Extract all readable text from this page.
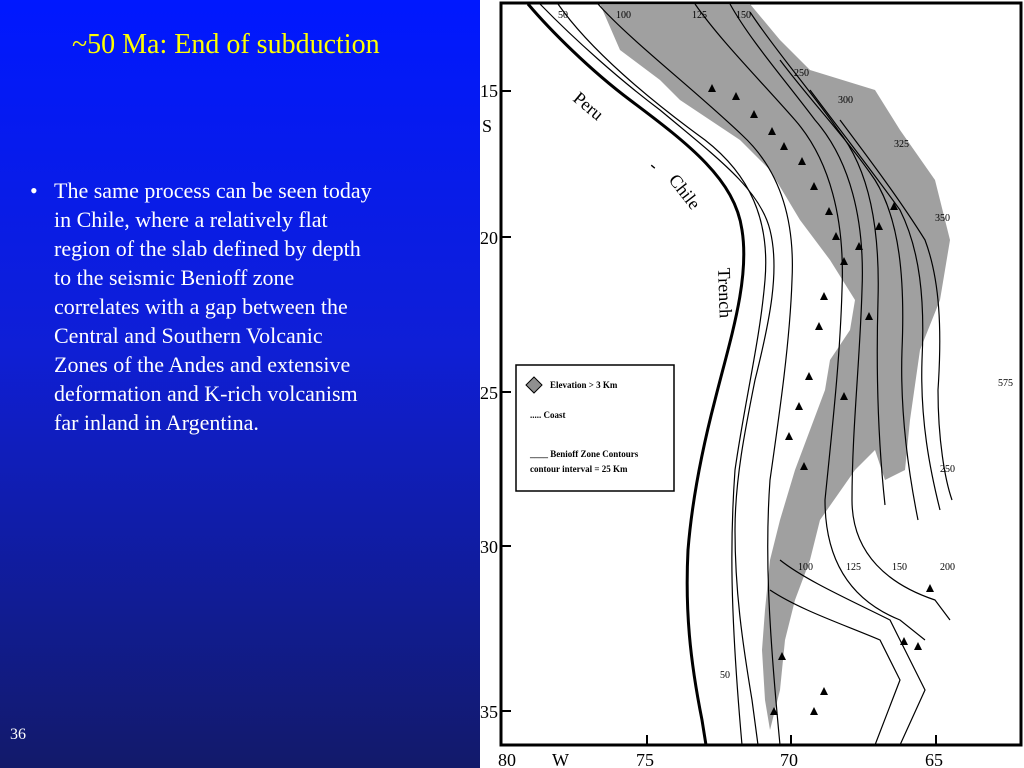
~50 Ma: End of subduction
• The same process can be seen today in Chile, where a relatively flat region of the slab defined by depth to the seismic Benioff zone correlates with a gap between the Central and Southern Volcanic Zones of the Andes and extensive deformation and K-rich volcanism far inland in Argentina.
36
15
S
20
25
30
35
80 W	75	70	65
Peru
-
Chile
Trench
50	100	125	150
250
300
325
350
575
250
100	125	150	200
50
Elevation > 3 Km
..... Coast
____ Benioff Zone Contours
contour interval = 25 Km
